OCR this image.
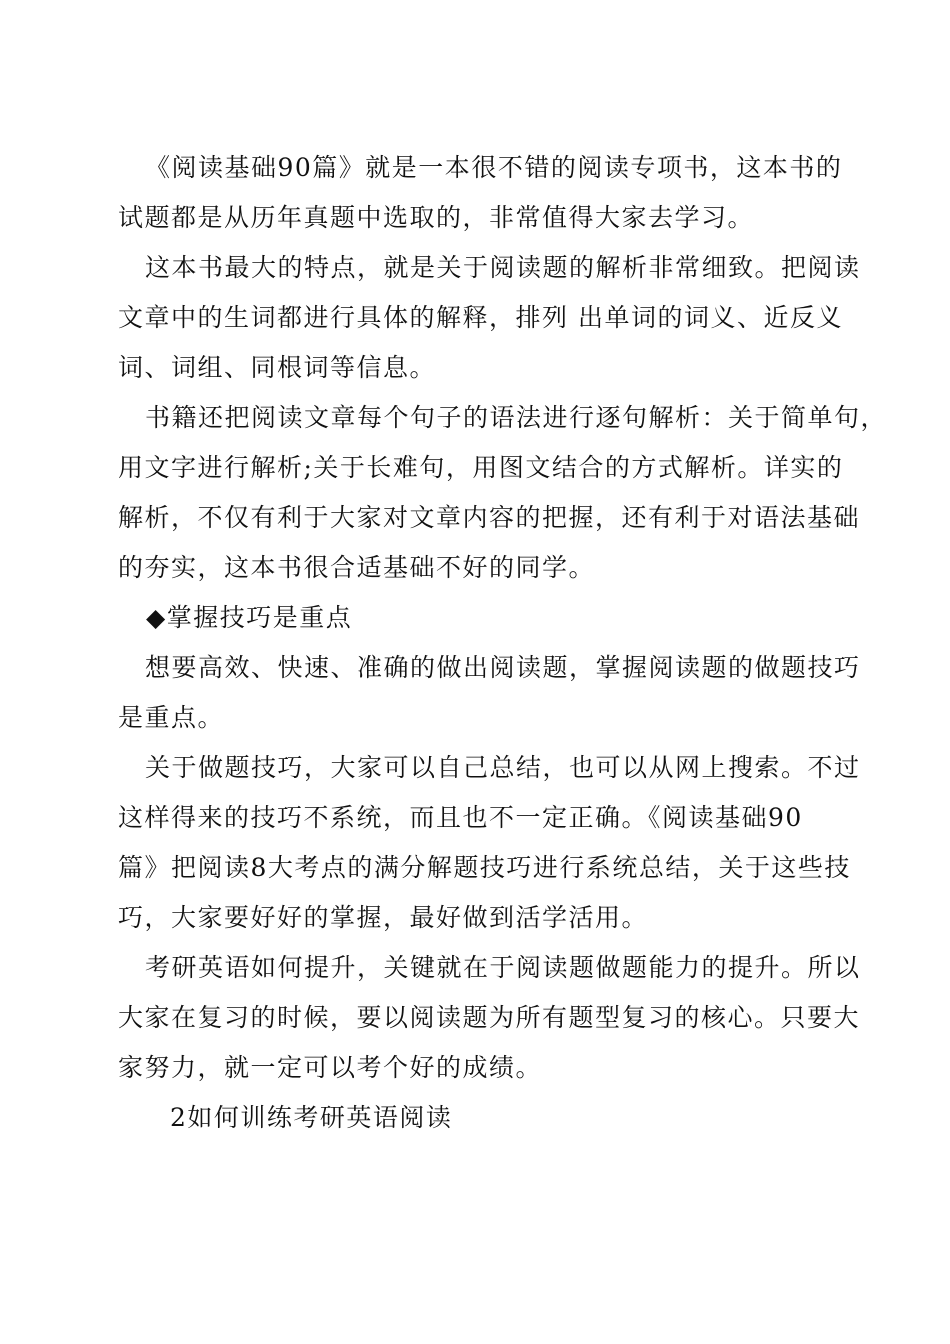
《阅读基础90篇》就是一本很不错的阅读专项书，这本书的
试题都是从历年真题中选取的，非常值得大家去学习。

这本书最大的特点，就是关于阅读题的解析非常细致。把阅读
文章中的生词都进行具体的解释，排列 出单词的词义、近反义
词、词组、同根词等信息。

书籍还把阅读文章每个句子的语法进行逐句解析：关于简单句，
用文字进行解析;关于长难句，用图文结合的方式解析。详实的
解析，不仅有利于大家对文章内容的把握，还有利于对语法基础
的夯实，这本书很合适基础不好的同学。

◆掌握技巧是重点

想要高效、快速、准确的做出阅读题，掌握阅读题的做题技巧
是重点。

关于做题技巧，大家可以自己总结，也可以从网上搜索。不过
这样得来的技巧不系统，而且也不一定正确。《阅读基础90
篇》把阅读8大考点的满分解题技巧进行系统总结，关于这些技
巧，大家要好好的掌握，最好做到活学活用。

考研英语如何提升，关键就在于阅读题做题能力的提升。所以
大家在复习的时候，要以阅读题为所有题型复习的核心。只要大
家努力，就一定可以考个好的成绩。

2如何训练考研英语阅读
